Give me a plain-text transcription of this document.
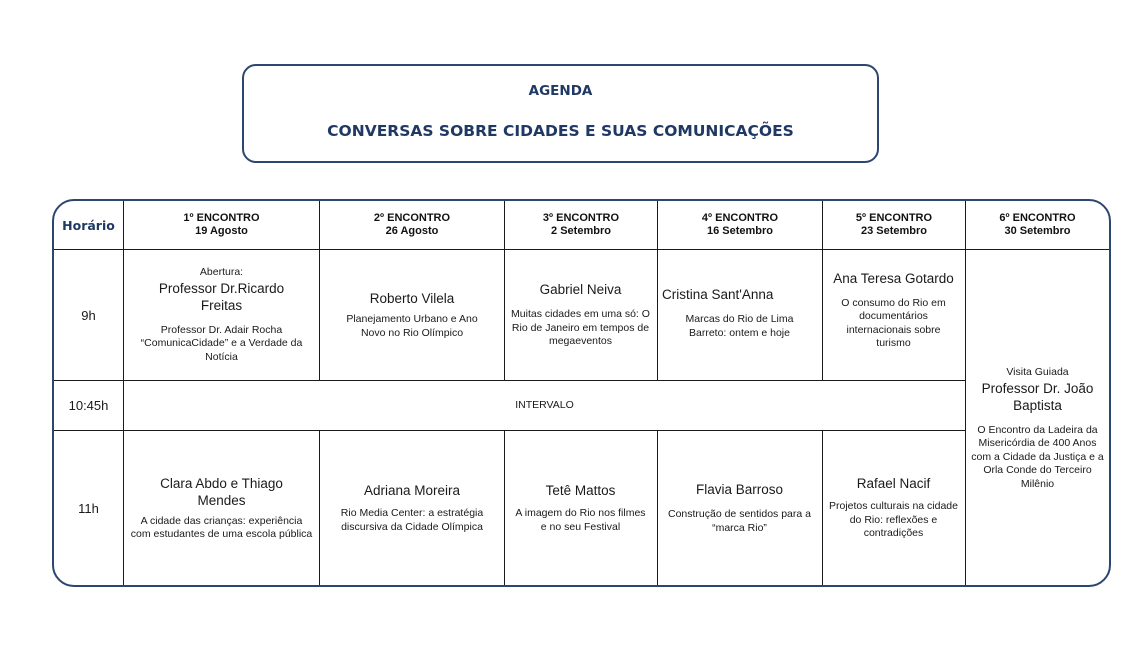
AGENDA
CONVERSAS SOBRE CIDADES E SUAS COMUNICAÇÕES
Horário	1º ENCONTRO
19 Agosto
2º ENCONTRO
26 Agosto
3º ENCONTRO
2 Setembro
4º ENCONTRO
16 Setembro
5º ENCONTRO
23 Setembro
6º ENCONTRO
30 Setembro
9h
10:45h
11h
INTERVALO
Abertura:
Professor Dr.Ricardo Freitas
Professor Dr. Adair Rocha “ComunicaCidade” e a Verdade da Notícia
Roberto Vilela
Planejamento Urbano e Ano Novo no Rio Olímpico
Gabriel Neiva
Muitas cidades em uma só: O Rio de Janeiro em tempos de megaeventos
Cristina Sant'Anna
Marcas do Rio de Lima Barreto: ontem e hoje
Ana Teresa Gotardo
O consumo do Rio em documentários internacionais sobre turismo
Clara Abdo e Thiago Mendes
A cidade das crianças: experiência com estudantes de uma escola pública
Adriana Moreira
Rio Media Center: a estratégia discursiva da Cidade Olímpica
Tetê Mattos
A imagem do Rio nos filmes e no seu Festival
Flavia Barroso
Construção de sentidos para a “marca Rio”
Rafael Nacif
Projetos culturais na cidade do Rio: reflexões e contradições
Visita Guiada
Professor Dr. João Baptista
O Encontro da Ladeira da Misericórdia de 400 Anos com a Cidade da Justiça e a Orla Conde do Terceiro Milênio
